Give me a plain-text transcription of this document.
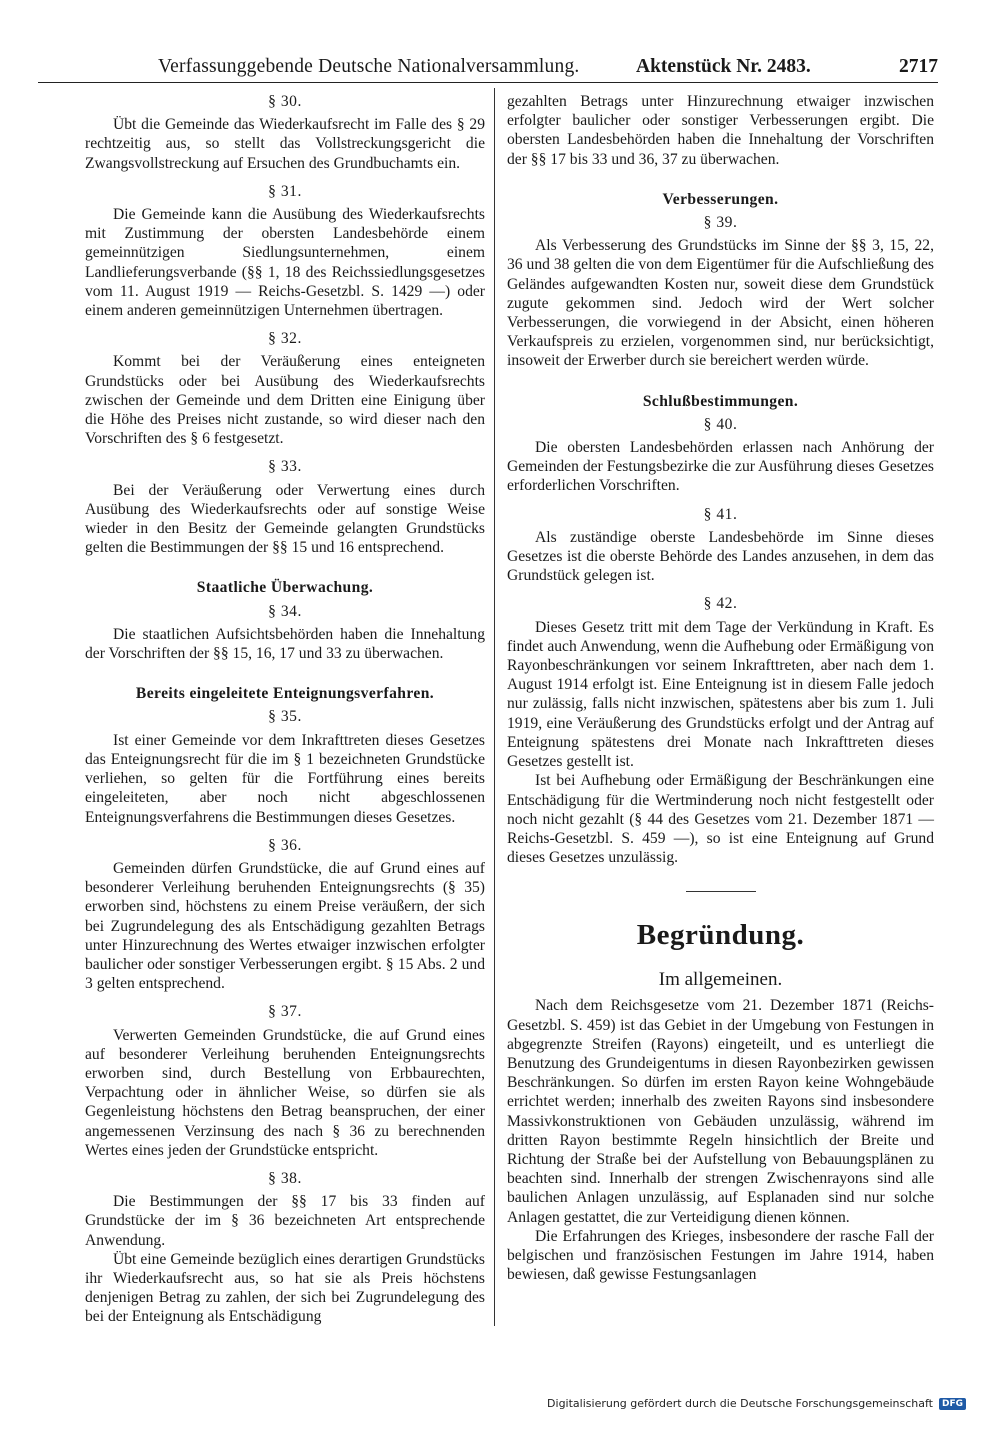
Verfassunggebende Deutsche Nationalversammlung.	Aktenstück Nr. 2483.	2717
§ 30.

Übt die Gemeinde das Wiederkaufsrecht im Falle des § 29 rechtzeitig aus, so stellt das Vollstreckungsgericht die Zwangsvollstreckung auf Ersuchen des Grundbuchamts ein.

§ 31.

Die Gemeinde kann die Ausübung des Wiederkaufsrechts mit Zustimmung der obersten Landesbehörde einem gemeinnützigen Siedlungsunternehmen, einem Landlieferungsverbande (§§ 1, 18 des Reichssiedlungsgesetzes vom 11. August 1919 — Reichs-Gesetzbl. S. 1429 —) oder einem anderen gemeinnützigen Unternehmen übertragen.

§ 32.

Kommt bei der Veräußerung eines enteigneten Grundstücks oder bei Ausübung des Wiederkaufsrechts zwischen der Gemeinde und dem Dritten eine Einigung über die Höhe des Preises nicht zustande, so wird dieser nach den Vorschriften des § 6 festgesetzt.

§ 33.

Bei der Veräußerung oder Verwertung eines durch Ausübung des Wiederkaufsrechts oder auf sonstige Weise wieder in den Besitz der Gemeinde gelangten Grundstücks gelten die Bestimmungen der §§ 15 und 16 entsprechend.

Staatliche Überwachung.
§ 34.

Die staatlichen Aufsichtsbehörden haben die Innehaltung der Vorschriften der §§ 15, 16, 17 und 33 zu überwachen.

Bereits eingeleitete Enteignungsverfahren.
§ 35.

Ist einer Gemeinde vor dem Inkrafttreten dieses Gesetzes das Enteignungsrecht für die im § 1 bezeichneten Grundstücke verliehen, so gelten für die Fortführung eines bereits eingeleiteten, aber noch nicht abgeschlossenen Enteignungsverfahrens die Bestimmungen dieses Gesetzes.

§ 36.

Gemeinden dürfen Grundstücke, die auf Grund eines auf besonderer Verleihung beruhenden Enteignungsrechts (§ 35) erworben sind, höchstens zu einem Preise veräußern, der sich bei Zugrundelegung des als Entschädigung gezahlten Betrags unter Hinzurechnung des Wertes etwaiger inzwischen erfolgter baulicher oder sonstiger Verbesserungen ergibt. § 15 Abs. 2 und 3 gelten entsprechend.

§ 37.

Verwerten Gemeinden Grundstücke, die auf Grund eines auf besonderer Verleihung beruhenden Enteignungsrechts erworben sind, durch Bestellung von Erbbaurechten, Verpachtung oder in ähnlicher Weise, so dürfen sie als Gegenleistung höchstens den Betrag beanspruchen, der einer angemessenen Verzinsung des nach § 36 zu berechnenden Wertes eines jeden der Grundstücke entspricht.

§ 38.

Die Bestimmungen der §§ 17 bis 33 finden auf Grundstücke der im § 36 bezeichneten Art entsprechende Anwendung.

Übt eine Gemeinde bezüglich eines derartigen Grundstücks ihr Wiederkaufsrecht aus, so hat sie als Preis höchstens denjenigen Betrag zu zahlen, der sich bei Zugrundelegung des bei der Enteignung als Entschädigung

gezahlten Betrags unter Hinzurechnung etwaiger inzwischen erfolgter baulicher oder sonstiger Verbesserungen ergibt. Die obersten Landesbehörden haben die Innehaltung der Vorschriften der §§ 17 bis 33 und 36, 37 zu überwachen.

Verbesserungen.
§ 39.

Als Verbesserung des Grundstücks im Sinne der §§ 3, 15, 22, 36 und 38 gelten die von dem Eigentümer für die Aufschließung des Geländes aufgewandten Kosten nur, soweit diese dem Grundstück zugute gekommen sind. Jedoch wird der Wert solcher Verbesserungen, die vorwiegend in der Absicht, einen höheren Verkaufspreis zu erzielen, vorgenommen sind, nur berücksichtigt, insoweit der Erwerber durch sie bereichert werden würde.

Schlußbestimmungen.
§ 40.

Die obersten Landesbehörden erlassen nach Anhörung der Gemeinden der Festungsbezirke die zur Ausführung dieses Gesetzes erforderlichen Vorschriften.

§ 41.

Als zuständige oberste Landesbehörde im Sinne dieses Gesetzes ist die oberste Behörde des Landes anzusehen, in dem das Grundstück gelegen ist.

§ 42.

Dieses Gesetz tritt mit dem Tage der Verkündung in Kraft. Es findet auch Anwendung, wenn die Aufhebung oder Ermäßigung von Rayonbeschränkungen vor seinem Inkrafttreten, aber nach dem 1. August 1914 erfolgt ist. Eine Enteignung ist in diesem Falle jedoch nur zulässig, falls nicht inzwischen, spätestens aber bis zum 1. Juli 1919, eine Veräußerung des Grundstücks erfolgt und der Antrag auf Enteignung spätestens drei Monate nach Inkrafttreten dieses Gesetzes gestellt ist.

Ist bei Aufhebung oder Ermäßigung der Beschränkungen eine Entschädigung für die Wertminderung noch nicht festgestellt oder noch nicht gezahlt (§ 44 des Gesetzes vom 21. Dezember 1871 — Reichs-Gesetzbl. S. 459 —), so ist eine Enteignung auf Grund dieses Gesetzes unzulässig.

Begründung.
Im allgemeinen.

Nach dem Reichsgesetze vom 21. Dezember 1871 (Reichs-Gesetzbl. S. 459) ist das Gebiet in der Umgebung von Festungen in abgegrenzte Streifen (Rayons) eingeteilt, und es unterliegt die Benutzung des Grundeigentums in diesen Rayonbezirken gewissen Beschränkungen. So dürfen im ersten Rayon keine Wohngebäude errichtet werden; innerhalb des zweiten Rayons sind insbesondere Massivkonstruktionen von Gebäuden unzulässig, während im dritten Rayon bestimmte Regeln hinsichtlich der Breite und Richtung der Straße bei der Aufstellung von Bebauungsplänen zu beachten sind. Innerhalb der strengen Zwischenrayons sind alle baulichen Anlagen unzulässig, auf Esplanaden sind nur solche Anlagen gestattet, die zur Verteidigung dienen können.

Die Erfahrungen des Krieges, insbesondere der rasche Fall der belgischen und französischen Festungen im Jahre 1914, haben bewiesen, daß gewisse Festungsanlagen

Digitalisierung gefördert durch die Deutsche Forschungsgemeinschaft	DFG
